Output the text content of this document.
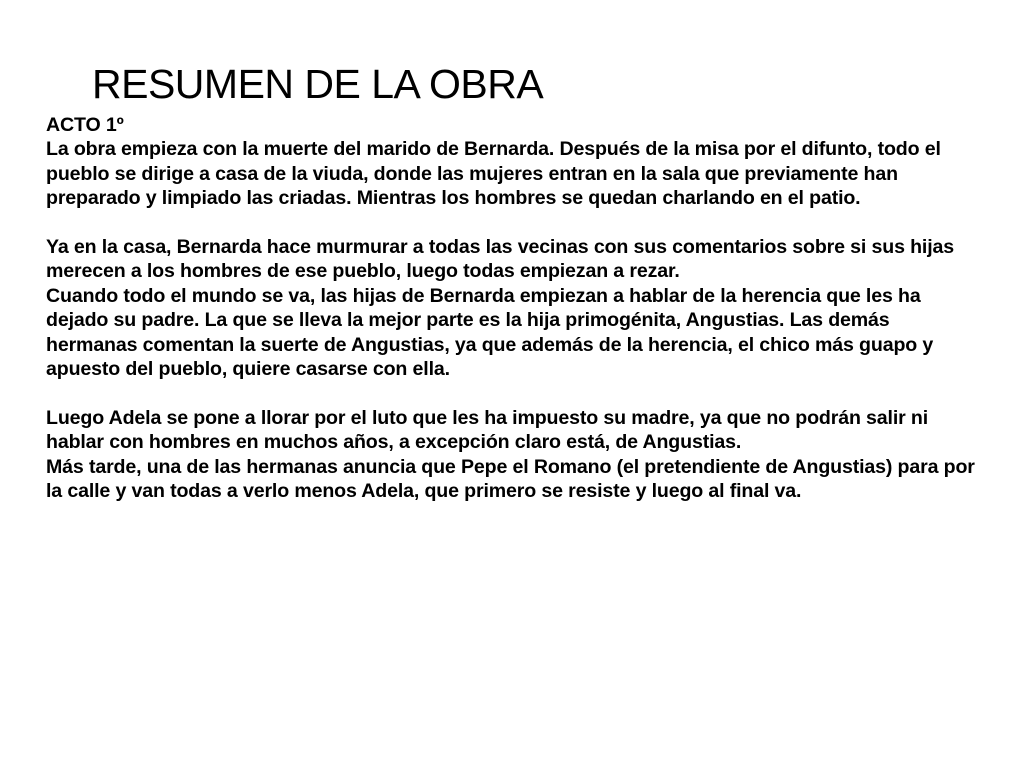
RESUMEN DE LA OBRA

ACTO 1º

La obra empieza con la muerte del marido de Bernarda. Después de la misa por el difunto, todo el pueblo se dirige a casa de la viuda, donde las mujeres entran en la sala que previamente han preparado y limpiado las criadas. Mientras los hombres se quedan charlando en el patio.

Ya en la casa, Bernarda hace murmurar a todas las vecinas con sus comentarios sobre si sus hijas merecen a los hombres de ese pueblo, luego todas empiezan a rezar.

Cuando todo el mundo se va, las hijas de Bernarda empiezan a hablar de la herencia que les ha dejado su padre. La que se lleva la mejor parte es la hija primogénita, Angustias. Las demás hermanas comentan la suerte de Angustias, ya que además de la herencia, el chico más guapo y apuesto del pueblo, quiere casarse con ella.

Luego Adela se pone a llorar por el luto que les ha impuesto su madre, ya que no podrán salir ni hablar con hombres en muchos años, a excepción claro está, de Angustias.

Más tarde, una de las hermanas anuncia que Pepe el Romano (el pretendiente de Angustias) para por la calle y van todas a verlo menos Adela, que primero se resiste y luego al final va.
